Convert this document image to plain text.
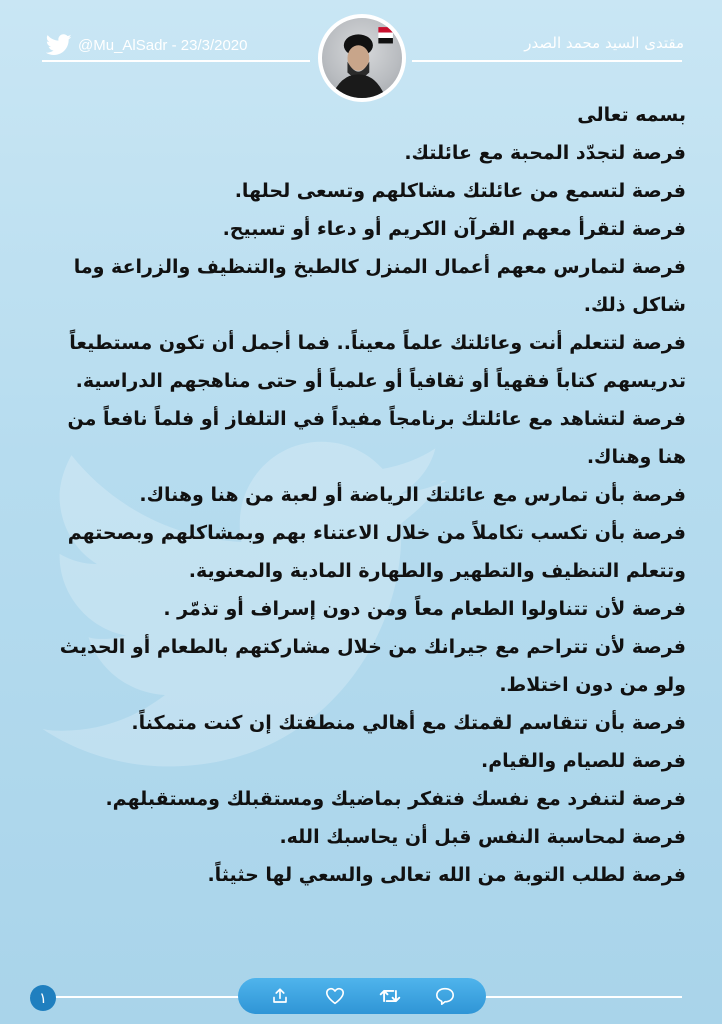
@Mu_AlSadr - 23/3/2020	مقتدى السيد محمد الصدر

بسمه تعالى

فرصة لتجدّد المحبة مع عائلتك.

فرصة لتسمع من عائلتك مشاكلهم وتسعى لحلها.

فرصة لتقرأ معهم القرآن الكريم أو دعاء أو تسبيح.

فرصة لتمارس معهم أعمال المنزل كالطبخ والتنظيف والزراعة وما شاكل ذلك.

فرصة لتتعلم أنت وعائلتك علماً معيناً.. فما أجمل أن تكون مستطيعاً تدريسهم كتاباً فقهياً أو ثقافياً أو علمياً أو حتى مناهجهم الدراسية.

فرصة لتشاهد مع عائلتك برنامجاً مفيداً في التلفاز أو فلماً نافعاً من هنا وهناك.

فرصة بأن تمارس مع عائلتك الرياضة أو لعبة من هنا وهناك.

فرصة بأن تكسب تكاملاً من خلال الاعتناء بهم وبمشاكلهم وبصحتهم وتتعلم التنظيف والتطهير والطهارة المادية والمعنوية.

فرصة لأن تتناولوا الطعام معاً ومن دون إسراف أو تذمّر .

فرصة لأن تتراحم مع جيرانك من خلال مشاركتهم بالطعام أو الحديث ولو من دون اختلاط.

فرصة بأن تتقاسم لقمتك مع أهالي منطقتك إن كنت متمكناً.

فرصة للصيام والقيام.

فرصة لتنفرد مع نفسك فتفكر بماضيك ومستقبلك ومستقبلهم.

فرصة لمحاسبة النفس قبل أن يحاسبك الله.

فرصة لطلب التوبة من الله تعالى والسعي لها حثيثاً.

١
